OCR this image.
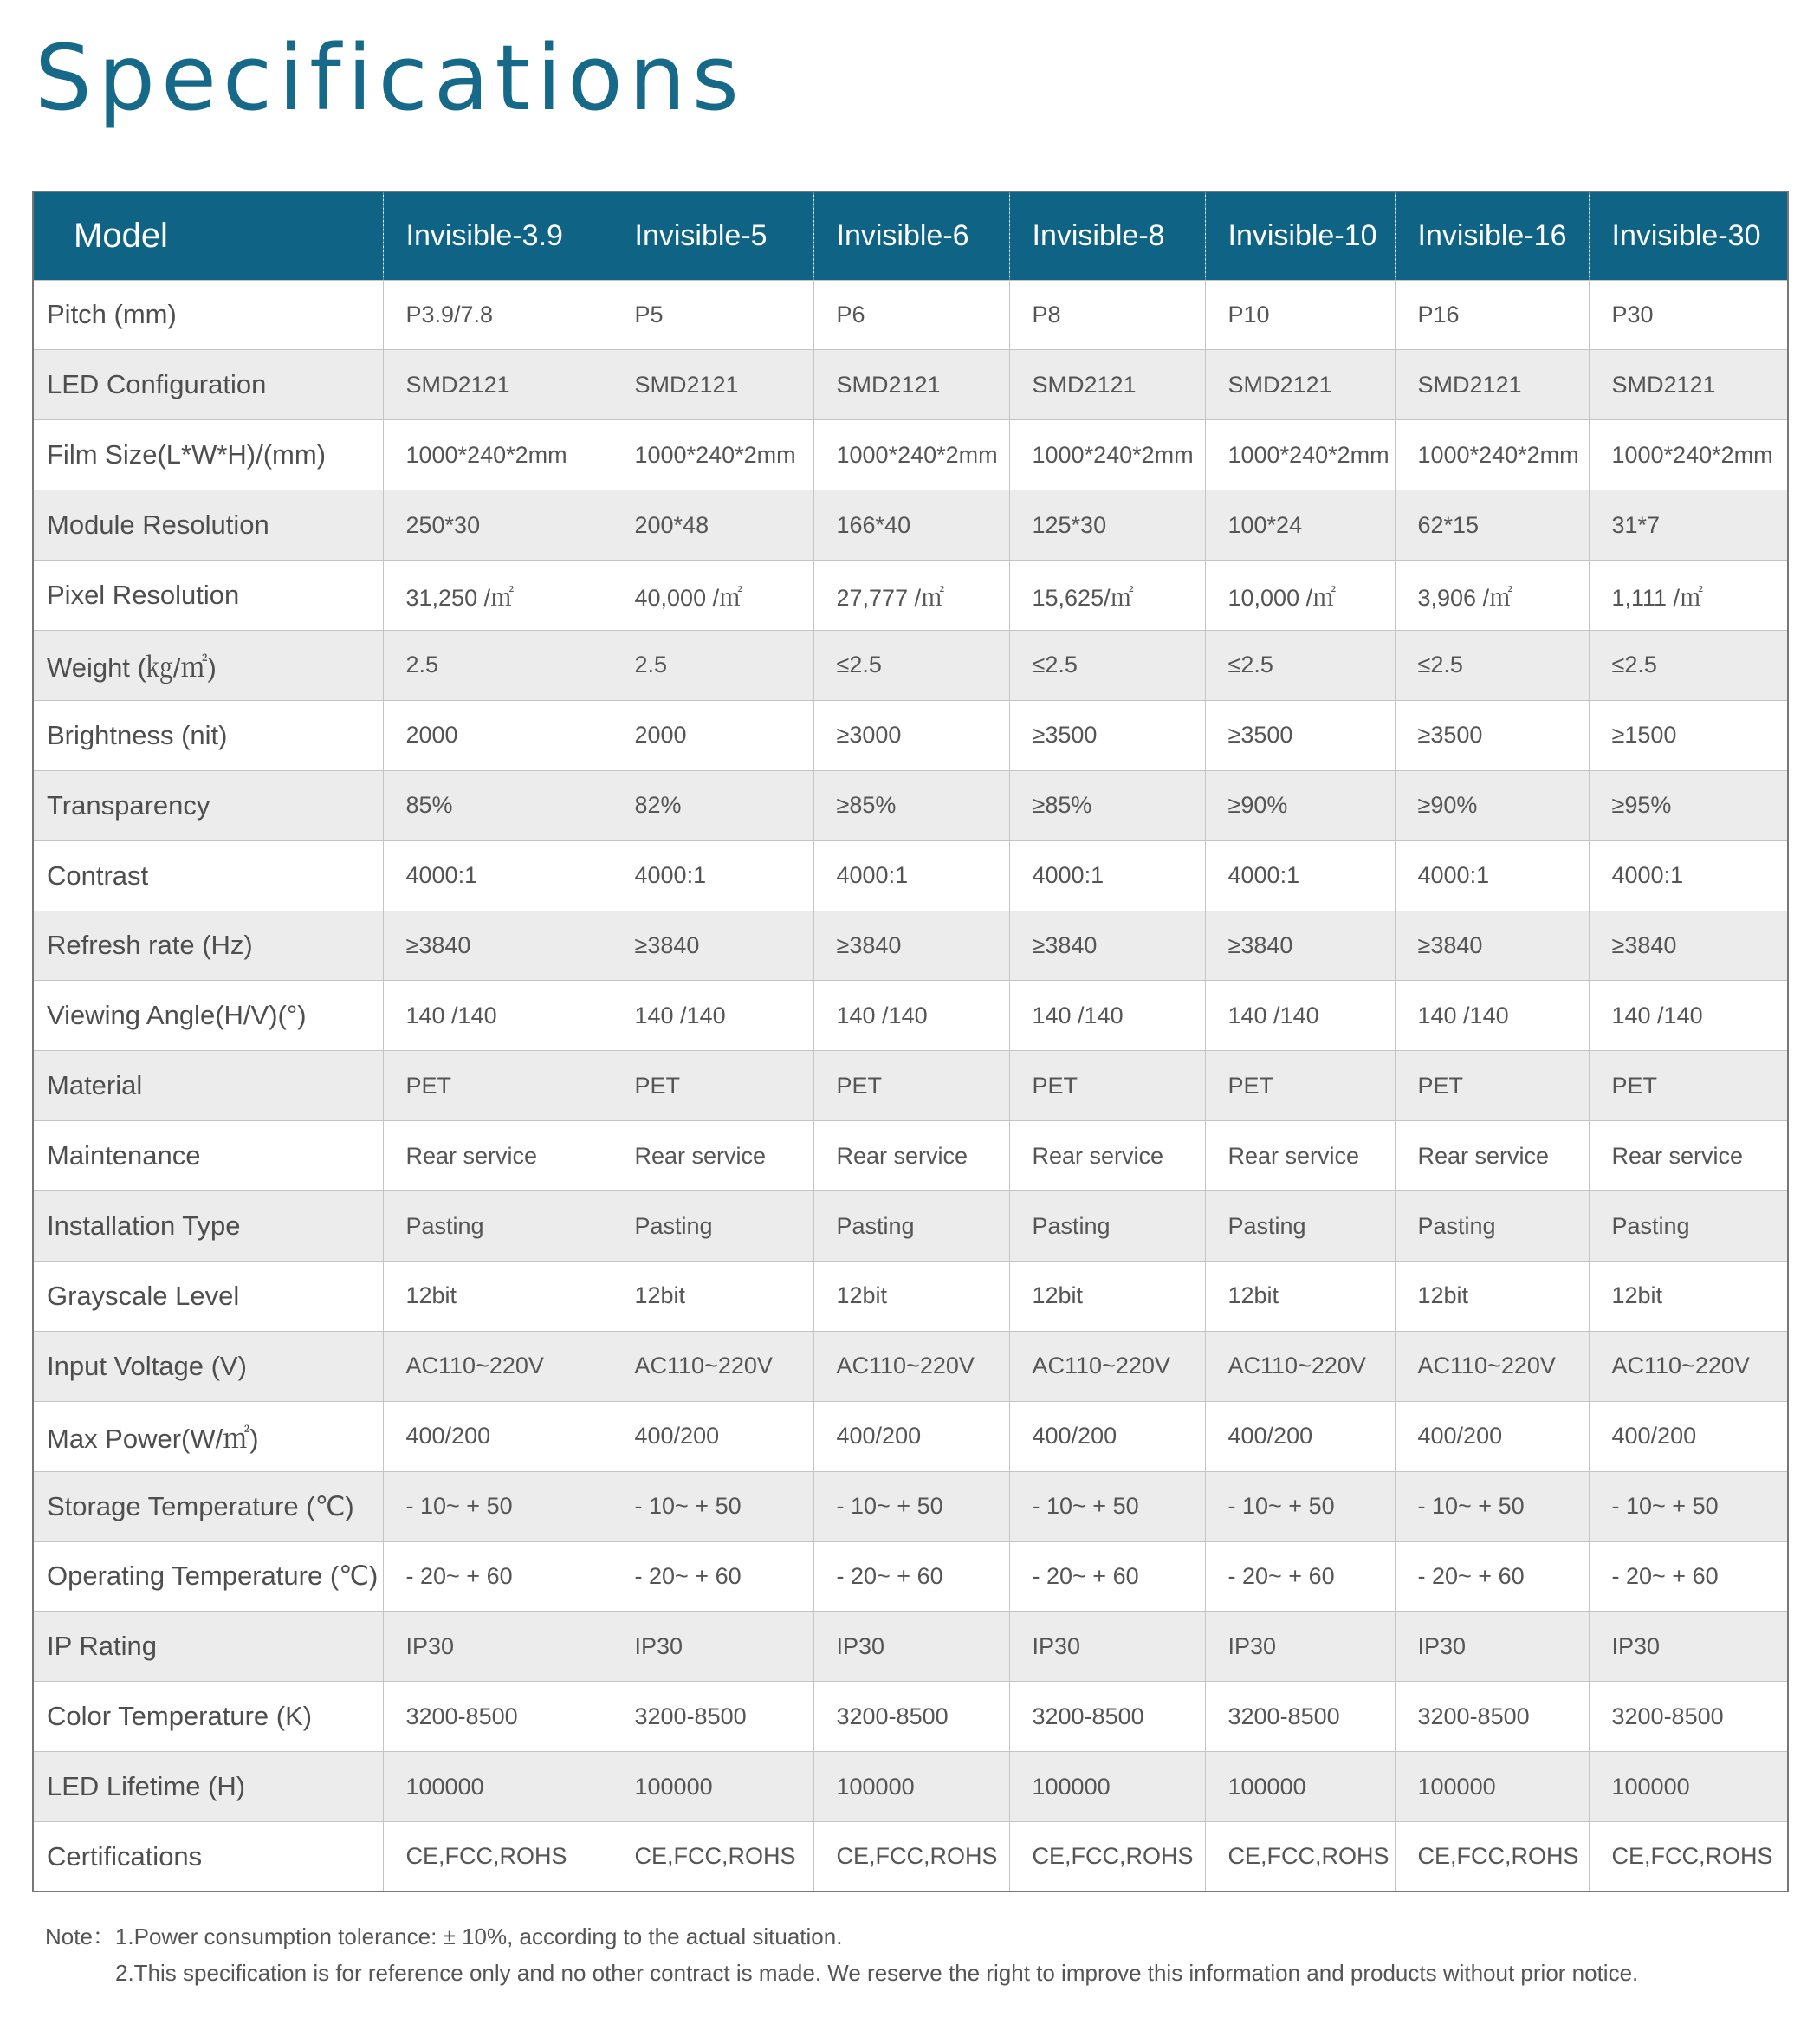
Specifications
Model	Invisible-3.9	Invisible-5	Invisible-6	Invisible-8	Invisible-10	Invisible-16	Invisible-30
Pitch (mm)	P3.9/7.8	P5	P6	P8	P10	P16	P30
LED Configuration	SMD2121	SMD2121	SMD2121	SMD2121	SMD2121	SMD2121	SMD2121
Film Size(L*W*H)/(mm)	1000*240*2mm	1000*240*2mm	1000*240*2mm	1000*240*2mm	1000*240*2mm	1000*240*2mm	1000*240*2mm
Module Resolution	250*30	200*48	166*40	125*30	100*24	62*15	31*7
Pixel Resolution	31,250 /㎡	40,000 /㎡	27,777 /㎡	15,625/㎡	10,000 /㎡	3,906 /㎡	1,111 /㎡
Weight (㎏/㎡)	2.5	2.5	≤2.5	≤2.5	≤2.5	≤2.5	≤2.5
Brightness (nit)	2000	2000	≥3000	≥3500	≥3500	≥3500	≥1500
Transparency	85%	82%	≥85%	≥85%	≥90%	≥90%	≥95%
Contrast	4000:1	4000:1	4000:1	4000:1	4000:1	4000:1	4000:1
Refresh rate (Hz)	≥3840	≥3840	≥3840	≥3840	≥3840	≥3840	≥3840
Viewing Angle(H/V)(°)	140 /140	140 /140	140 /140	140 /140	140 /140	140 /140	140 /140
Material	PET	PET	PET	PET	PET	PET	PET
Maintenance	Rear service	Rear service	Rear service	Rear service	Rear service	Rear service	Rear service
Installation Type	Pasting	Pasting	Pasting	Pasting	Pasting	Pasting	Pasting
Grayscale Level	12bit	12bit	12bit	12bit	12bit	12bit	12bit
Input Voltage (V)	AC110~220V	AC110~220V	AC110~220V	AC110~220V	AC110~220V	AC110~220V	AC110~220V
Max Power(W/㎡)	400/200	400/200	400/200	400/200	400/200	400/200	400/200
Storage Temperature (℃)	- 10~ + 50	- 10~ + 50	- 10~ + 50	- 10~ + 50	- 10~ + 50	- 10~ + 50	- 10~ + 50
Operating Temperature (℃)	- 20~ + 60	- 20~ + 60	- 20~ + 60	- 20~ + 60	- 20~ + 60	- 20~ + 60	- 20~ + 60
IP Rating	IP30	IP30	IP30	IP30	IP30	IP30	IP30
Color Temperature (K)	3200-8500	3200-8500	3200-8500	3200-8500	3200-8500	3200-8500	3200-8500
LED Lifetime (H)	100000	100000	100000	100000	100000	100000	100000
Certifications	CE,FCC,ROHS	CE,FCC,ROHS	CE,FCC,ROHS	CE,FCC,ROHS	CE,FCC,ROHS	CE,FCC,ROHS	CE,FCC,ROHS
Note：1.Power consumption tolerance: ± 10%, according to the actual situation.
2.This specification is for reference only and no other contract is made. We reserve the right to improve this information and products without prior notice.
